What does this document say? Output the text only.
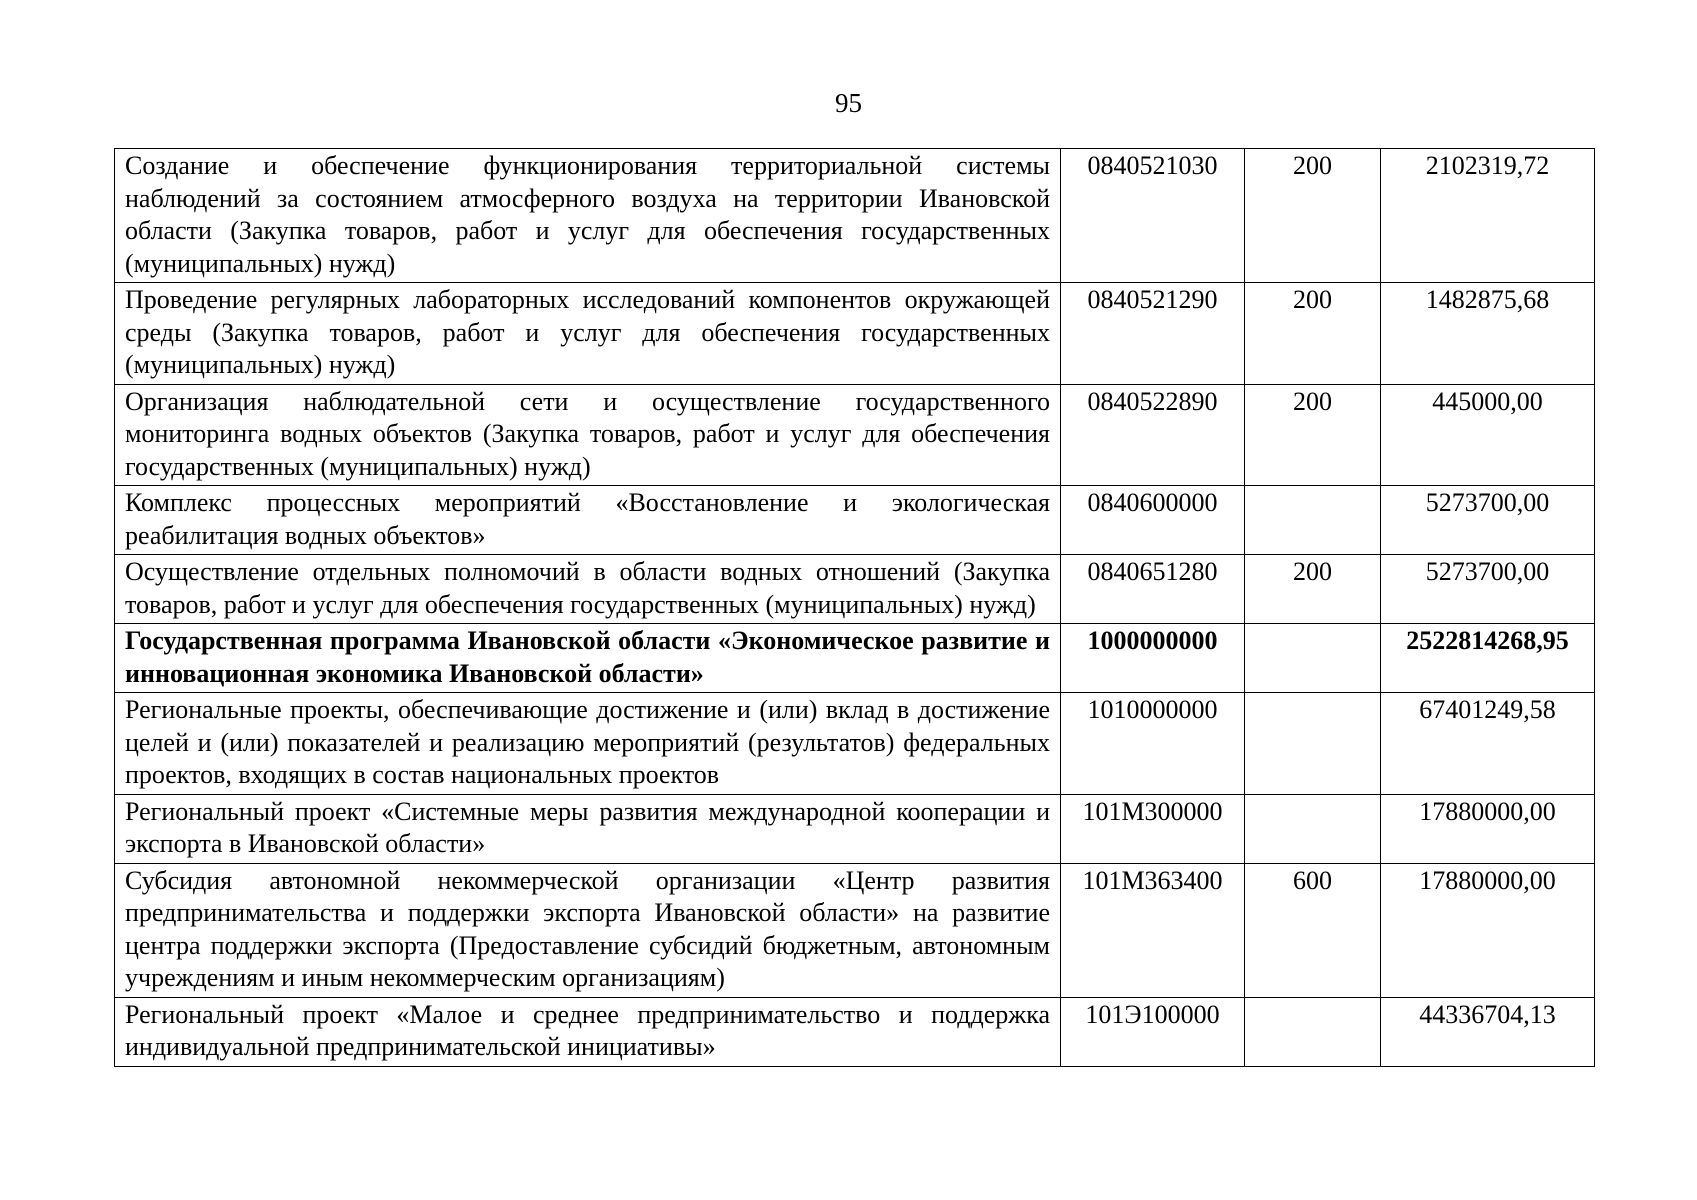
95
Создание и обеспечение функционирования территориальной системы наблюдений за состоянием атмосферного воздуха на территории Ивановской области (Закупка товаров, работ и услуг для обеспечения государственных (муниципальных) нужд)	0840521030	200	2102319,72
Проведение регулярных лабораторных исследований компонентов окружающей среды (Закупка товаров, работ и услуг для обеспечения государственных (муниципальных) нужд)	0840521290	200	1482875,68
Организация наблюдательной сети и осуществление государственного мониторинга водных объектов (Закупка товаров, работ и услуг для обеспечения государственных (муниципальных) нужд)	0840522890	200	445000,00
Комплекс процессных мероприятий «Восстановление и экологическая реабилитация водных объектов»	0840600000		5273700,00
Осуществление отдельных полномочий в области водных отношений (Закупка товаров, работ и услуг для обеспечения государственных (муниципальных) нужд)	0840651280	200	5273700,00
Государственная программа Ивановской области «Экономическое развитие и инновационная экономика Ивановской области»	1000000000		2522814268,95
Региональные проекты, обеспечивающие достижение и (или) вклад в достижение целей и (или) показателей и реализацию мероприятий (результатов) федеральных проектов, входящих в состав национальных проектов	1010000000		67401249,58
Региональный проект «Системные меры развития международной кооперации и экспорта в Ивановской области»	101M300000		17880000,00
Субсидия автономной некоммерческой организации «Центр развития предпринимательства и поддержки экспорта Ивановской области» на развитие центра поддержки экспорта (Предоставление субсидий бюджетным, автономным учреждениям и иным некоммерческим организациям)	101M363400	600	17880000,00
Региональный проект «Малое и среднее предпринимательство и поддержка индивидуальной предпринимательской инициативы»	101Э100000		44336704,13
